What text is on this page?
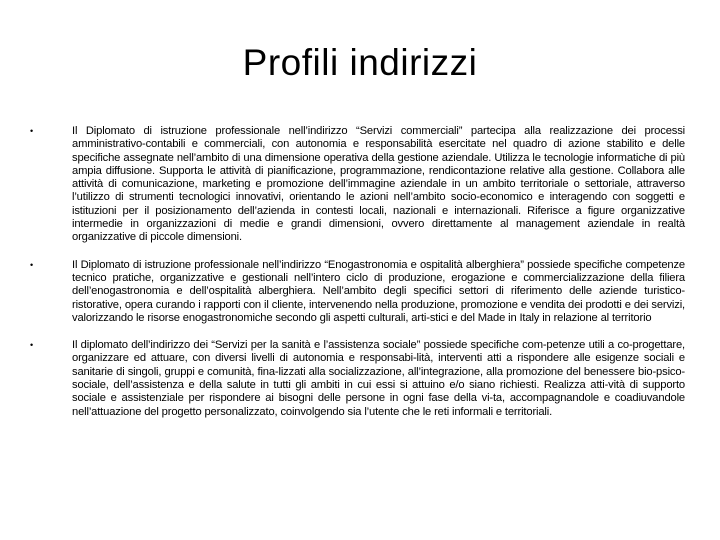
Profili indirizzi
•	Il Diplomato di istruzione professionale nell’indirizzo “Servizi commerciali” partecipa alla realizzazione dei processi amministrativo-contabili e commerciali, con autonomia e responsabilità esercitate nel quadro di azione stabilito e delle specifiche assegnate nell’ambito di una dimensione operativa della gestione aziendale. Utilizza le tecnologie informatiche di più ampia diffusione. Supporta le attività di pianificazione, programmazione, rendicontazione relative alla gestione. Collabora alle attività di comunicazione, marketing e promozione dell’immagine aziendale in un ambito territoriale o settoriale, attraverso l’utilizzo di strumenti tecnologici innovativi, orientando le azioni nell’ambito socio-economico e interagendo con soggetti e istituzioni per il posizionamento dell’azienda in contesti locali, nazionali e internazionali. Riferisce a figure organizzative intermedie in organizzazioni di medie e grandi dimensioni, ovvero direttamente al management aziendale in realtà organizzative di piccole dimensioni.
•	Il Diplomato di istruzione professionale nell’indirizzo “Enogastronomia e ospitalità alberghiera” possiede specifiche competenze tecnico pratiche, organizzative e gestionali nell’intero ciclo di produzione, erogazione e commercializzazione della filiera dell’enogastronomia e dell’ospitalità alberghiera. Nell’ambito degli specifici settori di riferimento delle aziende turistico-ristorative, opera curando i rapporti con il cliente, intervenendo nella produzione, promozione e vendita dei prodotti e dei servizi, valorizzando le risorse enogastronomiche secondo gli aspetti culturali, arti-stici e del Made in Italy in relazione al territorio
•	Il diplomato dell’indirizzo dei “Servizi per la sanità e l’assistenza sociale” possiede specifiche com-petenze utili a co-progettare, organizzare ed attuare, con diversi livelli di autonomia e responsabi-lità, interventi atti a rispondere alle esigenze sociali e sanitarie di singoli, gruppi e comunità, fina-lizzati alla socializzazione, all’integrazione, alla promozione del benessere bio-psico-sociale, dell’assistenza e della salute in tutti gli ambiti in cui essi si attuino e/o siano richiesti. Realizza atti-vità di supporto sociale e assistenziale per rispondere ai bisogni delle persone in ogni fase della vi-ta, accompagnandole e coadiuvandole nell’attuazione del progetto personalizzato, coinvolgendo sia l’utente che le reti informali e territoriali.
